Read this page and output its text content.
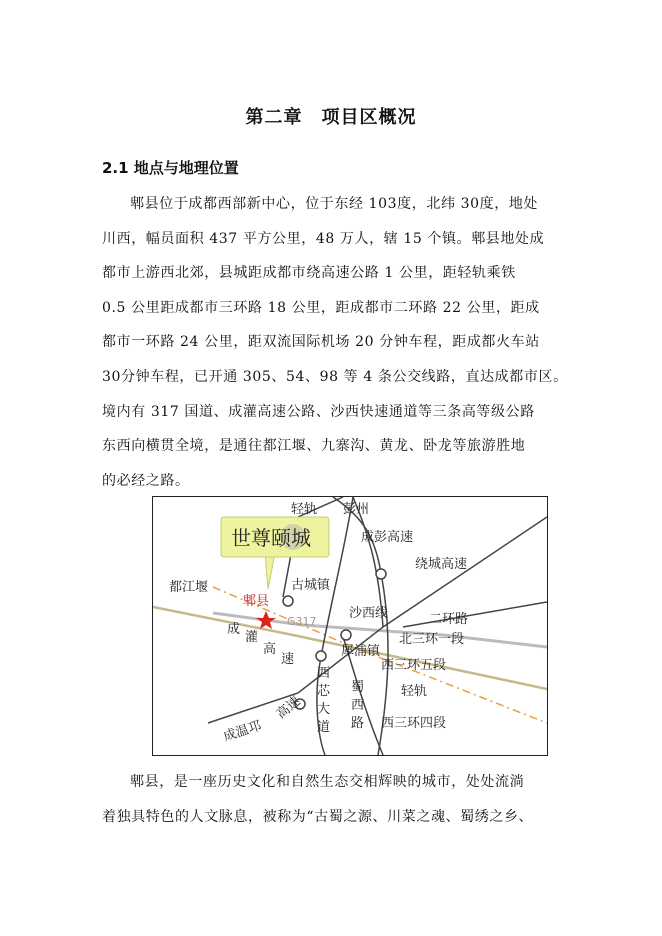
第二章　项目区概况
2.1 地点与地理位置
郫县位于成都西部新中心，位于东经 103度，北纬 30度，地处
川西，幅员面积 437 平方公里，48 万人，辖 15 个镇。郫县地处成
都市上游西北郊，县城距成都市绕高速公路 1 公里，距轻轨乘铁
0.5 公里距成都市三环路 18 公里，距成都市二环路 22 公里，距成
都市一环路 24 公里，距双流国际机场 20 分钟车程，距成都火车站
30分钟车程，已开通 305、54、98 等 4 条公交线路，直达成都市区。
境内有 317 国道、成灌高速公路、沙西快速通道等三条高等级公路
东西向横贯全境，是通往都江堰、九寨沟、黄龙、卧龙等旅游胜地
的必经之路。
世尊颐城
轻轨 彭州
成彭高速
绕城高速
都江堰	古城镇
郫县
G317
沙西线	二环路
北三环一段
成
灌
高
速
犀浦镇
西三环五段
西
芯
大
道
蜀
西
路
轻轨
西三环四段
成温邛
高速
郫县，是一座历史文化和自然生态交相辉映的城市，处处流淌
着独具特色的人文脉息，被称为“古蜀之源、川菜之魂、蜀绣之乡、
